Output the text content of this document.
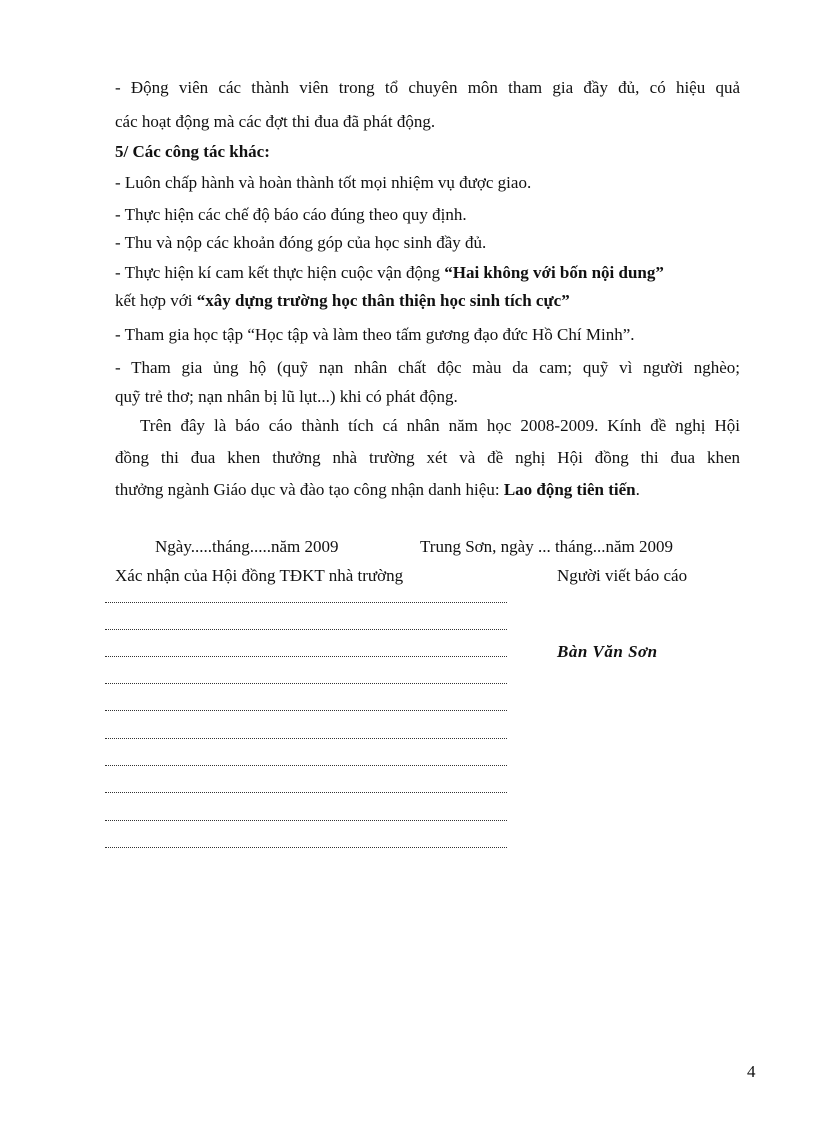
- Động viên các thành viên trong tổ chuyên môn tham gia đầy đủ, có hiệu quả
các hoạt động mà các đợt thi đua đã phát động.
5/ Các công tác khác:
- Luôn chấp hành và hoàn thành tốt mọi nhiệm vụ được giao.
- Thực hiện các chế độ báo cáo đúng theo quy định.
- Thu và nộp các khoản đóng góp của học sinh đầy đủ.
- Thực hiện kí cam kết thực hiện cuộc vận động “Hai không với bốn nội dung”
kết hợp với “xây dựng trường học thân thiện học sinh tích cực”
- Tham gia học tập “Học tập và làm theo tấm gương đạo đức Hồ Chí Minh”.
- Tham gia ủng hộ (quỹ nạn nhân chất độc màu da cam; quỹ vì người nghèo;
quỹ trẻ thơ; nạn nhân bị lũ lụt...) khi có phát động.
Trên đây là báo cáo thành tích cá nhân năm học 2008-2009. Kính đề nghị Hội
đồng thi đua khen thưởng nhà trường xét và đề nghị Hội đồng thi đua khen
thưởng ngành Giáo dục và đào tạo công nhận danh hiệu: Lao động tiên tiến.
Ngày.....tháng.....năm 2009	Trung Sơn, ngày ... tháng...năm 2009
Xác nhận của Hội đồng TĐKT nhà trường	Người viết báo cáo
Bàn Văn Sơn
4
